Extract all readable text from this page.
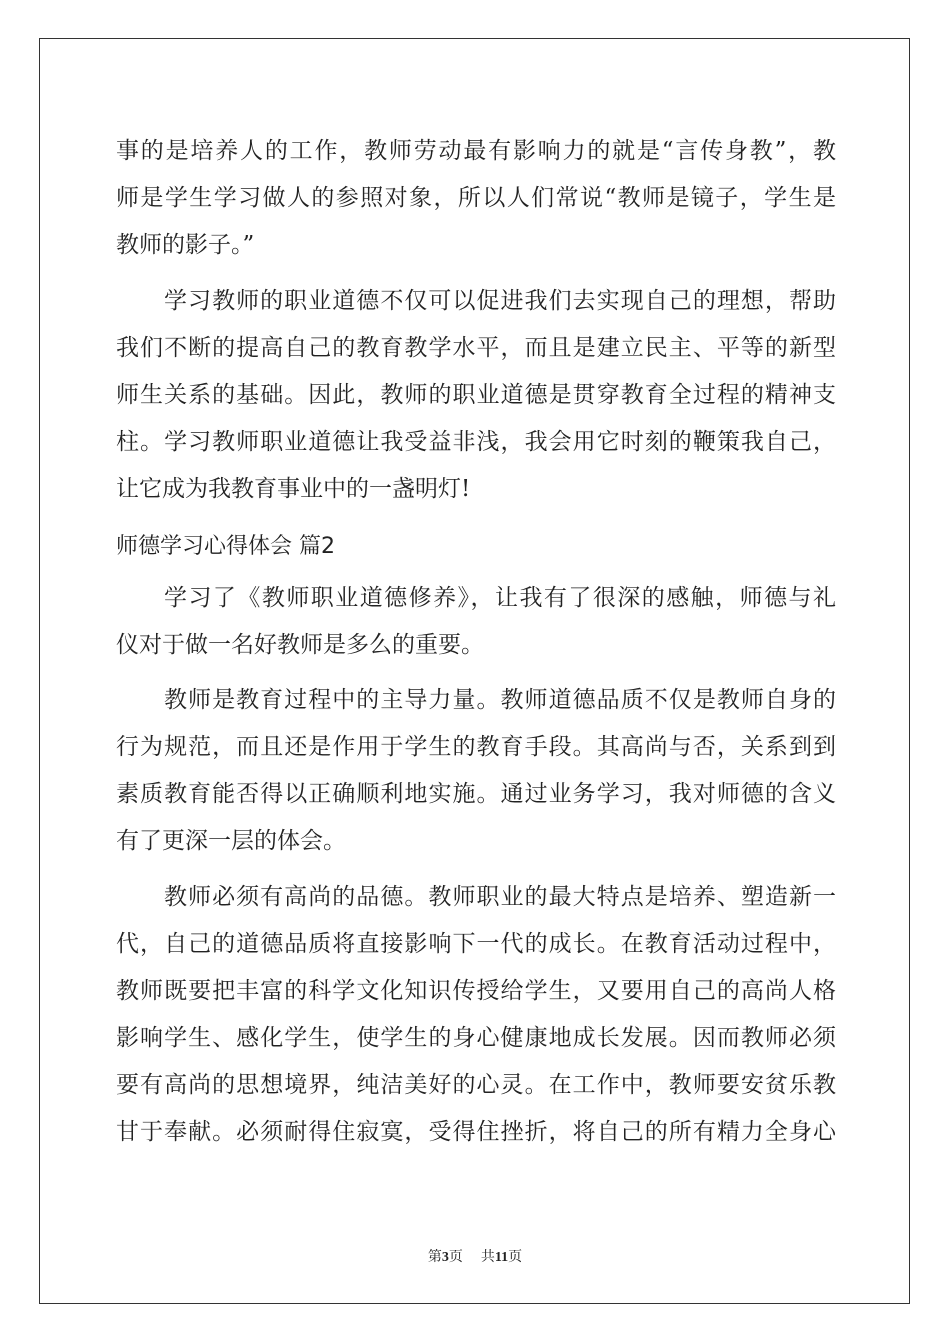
事的是培养人的工作，教师劳动最有影响力的就是“言传身教”，教
师是学生学习做人的参照对象，所以人们常说“教师是镜子，学生是
教师的影子。”
学习教师的职业道德不仅可以促进我们去实现自己的理想，帮助
我们不断的提高自己的教育教学水平，而且是建立民主、平等的新型
师生关系的基础。因此，教师的职业道德是贯穿教育全过程的精神支
柱。学习教师职业道德让我受益非浅，我会用它时刻的鞭策我自己，
让它成为我教育事业中的一盏明灯!
师德学习心得体会 篇2
学习了《教师职业道德修养》，让我有了很深的感触，师德与礼
仪对于做一名好教师是多么的重要。
教师是教育过程中的主导力量。教师道德品质不仅是教师自身的
行为规范，而且还是作用于学生的教育手段。其高尚与否，关系到到
素质教育能否得以正确顺利地实施。通过业务学习，我对师德的含义
有了更深一层的体会。
教师必须有高尚的品德。教师职业的最大特点是培养、塑造新一
代，自己的道德品质将直接影响下一代的成长。在教育活动过程中，
教师既要把丰富的科学文化知识传授给学生，又要用自己的高尚人格
影响学生、感化学生，使学生的身心健康地成长发展。因而教师必须
要有高尚的思想境界，纯洁美好的心灵。在工作中，教师要安贫乐教
甘于奉献。必须耐得住寂寞，受得住挫折，将自己的所有精力全身心
第3页 共11页
